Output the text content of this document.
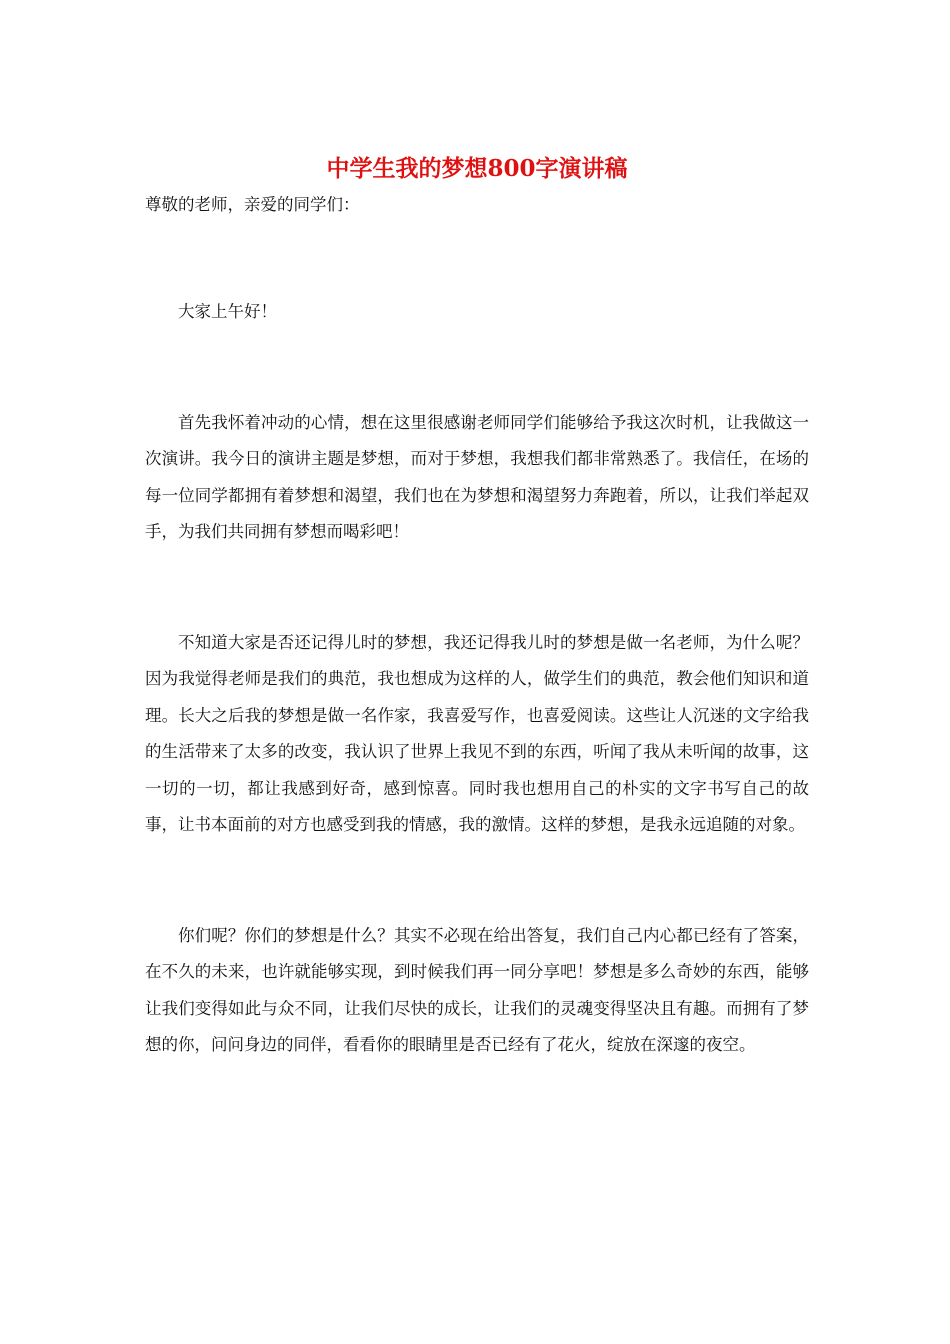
中学生我的梦想800字演讲稿

尊敬的老师，亲爱的同学们：

大家上午好！

首先我怀着冲动的心情，想在这里很感谢老师同学们能够给予我这次时机，让我做这一次演讲。我今日的演讲主题是梦想，而对于梦想，我想我们都非常熟悉了。我信任，在场的每一位同学都拥有着梦想和渴望，我们也在为梦想和渴望努力奔跑着，所以，让我们举起双手，为我们共同拥有梦想而喝彩吧！

不知道大家是否还记得儿时的梦想，我还记得我儿时的梦想是做一名老师，为什么呢？因为我觉得老师是我们的典范，我也想成为这样的人，做学生们的典范，教会他们知识和道理。长大之后我的梦想是做一名作家，我喜爱写作，也喜爱阅读。这些让人沉迷的文字给我的生活带来了太多的改变，我认识了世界上我见不到的东西，听闻了我从未听闻的故事，这一切的一切，都让我感到好奇，感到惊喜。同时我也想用自己的朴实的文字书写自己的故事，让书本面前的对方也感受到我的情感，我的激情。这样的梦想，是我永远追随的对象。

你们呢？你们的梦想是什么？其实不必现在给出答复，我们自己内心都已经有了答案，在不久的未来，也许就能够实现，到时候我们再一同分享吧！梦想是多么奇妙的东西，能够让我们变得如此与众不同，让我们尽快的成长，让我们的灵魂变得坚决且有趣。而拥有了梦想的你，问问身边的同伴，看看你的眼睛里是否已经有了花火，绽放在深邃的夜空。
